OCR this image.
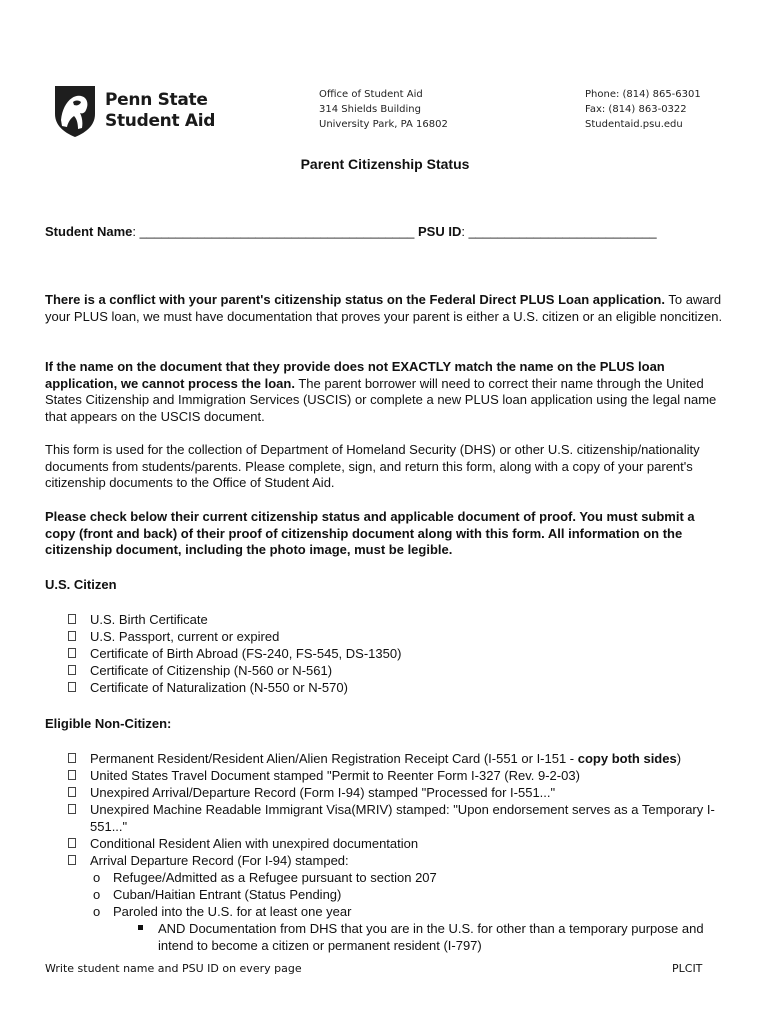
Penn State
Student Aid
Office of Student Aid
314 Shields Building
University Park, PA 16802
Phone: (814) 865-6301
Fax: (814) 863-0322
Studentaid.psu.edu
Parent Citizenship Status
Student Name: ______________________________________ PSU ID: __________________________
There is a conflict with your parent's citizenship status on the Federal Direct PLUS Loan application. To award your PLUS loan, we must have documentation that proves your parent is either a U.S. citizen or an eligible noncitizen.
If the name on the document that they provide does not EXACTLY match the name on the PLUS loan application, we cannot process the loan. The parent borrower will need to correct their name through the United States Citizenship and Immigration Services (USCIS) or complete a new PLUS loan application using the legal name that appears on the USCIS document.
This form is used for the collection of Department of Homeland Security (DHS) or other U.S. citizenship/nationality documents from students/parents. Please complete, sign, and return this form, along with a copy of your parent's citizenship documents to the Office of Student Aid.
Please check below their current citizenship status and applicable document of proof. You must submit a copy (front and back) of their proof of citizenship document along with this form. All information on the citizenship document, including the photo image, must be legible.
U.S. Citizen
U.S. Birth Certificate
U.S. Passport, current or expired
Certificate of Birth Abroad (FS-240, FS-545, DS-1350)
Certificate of Citizenship (N-560 or N-561)
Certificate of Naturalization (N-550 or N-570)
Eligible Non-Citizen:
Permanent Resident/Resident Alien/Alien Registration Receipt Card (I-551 or I-151 - copy both sides)
United States Travel Document stamped "Permit to Reenter Form I-327 (Rev. 9-2-03)
Unexpired Arrival/Departure Record (Form I-94) stamped "Processed for I-551..."
Unexpired Machine Readable Immigrant Visa(MRIV) stamped: "Upon endorsement serves as a Temporary I-551..."
Conditional Resident Alien with unexpired documentation
Arrival Departure Record (For I-94) stamped:
o Refugee/Admitted as a Refugee pursuant to section 207
o Cuban/Haitian Entrant (Status Pending)
o Paroled into the U.S. for at least one year
AND Documentation from DHS that you are in the U.S. for other than a temporary purpose and intend to become a citizen or permanent resident (I-797)
Write student name and PSU ID on every page	PLCIT
